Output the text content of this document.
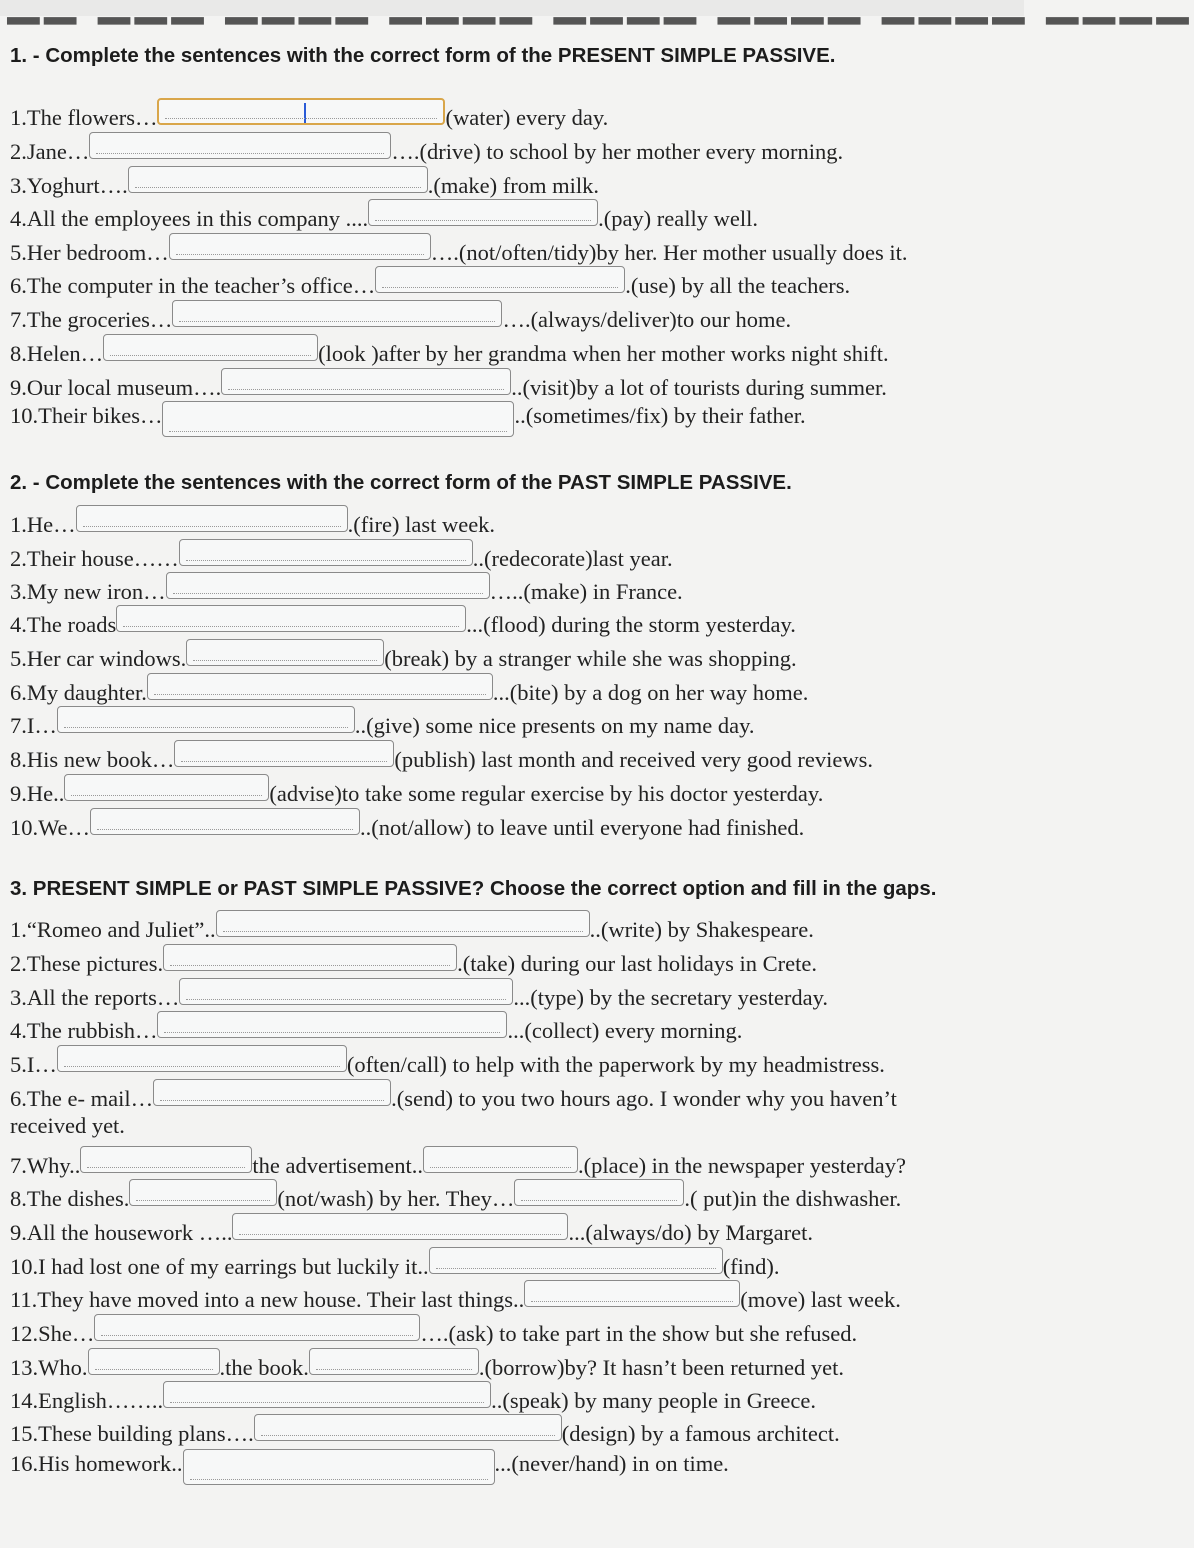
▁▁ ▁▁▁ ▁▁▁▁ ▁▁▁▁ ▁▁▁▁ ▁▁▁▁ ▁▁▁▁ ▁▁▁▁
1. - Complete the sentences with the correct form of the PRESENT SIMPLE PASSIVE.

1.The flowers…	(water) every day.

2.Jane…	….(drive) to school by her mother every morning.

3.Yoghurt….	.(make) from milk.

4.All the employees in this company ....	.(pay) really well.

5.Her bedroom…	….(not/often/tidy)by her. Her mother usually does it.

6.The computer in the teacher’s office…	.(use) by all the teachers.

7.The groceries…	….(always/deliver)to our home.

8.Helen…	(look )after by her grandma when her mother works night shift.

9.Our local museum….	..(visit)by a lot of tourists during summer.

10.Their bikes…	..(sometimes/fix) by their father.

2. - Complete the sentences with the correct form of the PAST SIMPLE PASSIVE.

1.He…	.(fire) last week.

2.Their house……	..(redecorate)last year.

3.My new iron…	…..(make) in France.

4.The roads	...(flood) during the storm yesterday.

5.Her car windows.	(break) by a stranger while she was shopping.

6.My daughter.	...(bite) by a dog on her way home.

7.I…	..(give) some nice presents on my name day.

8.His new book…	(publish) last month and received very good reviews.

9.He..	(advise)to take some regular exercise by his doctor yesterday.

10.We…	..(not/allow) to leave until everyone had finished.

3. PRESENT SIMPLE or PAST SIMPLE PASSIVE? Choose the correct option and fill in the gaps.

1.“Romeo and Juliet”..	..(write) by Shakespeare.

2.These pictures.	.(take) during our last holidays in Crete.

3.All the reports…	...(type) by the secretary yesterday.

4.The rubbish…	...(collect) every morning.

5.I…	(often/call) to help with the paperwork by my headmistress.

6.The e- mail…	.(send) to you two hours ago. I wonder why you haven’t

received yet.

7.Why..	the advertisement..	.(place) in the newspaper yesterday?

8.The dishes.	(not/wash) by her. They…	.( put)in the dishwasher.

9.All the housework …..	...(always/do) by Margaret.

10.I had lost one of my earrings but luckily it..	(find).

11.They have moved into a new house. Their last things..	(move) last week.

12.She…	….(ask) to take part in the show but she refused.

13.Who.	.the book.	.(borrow)by? It hasn’t been returned yet.

14.English……..	..(speak) by many people in Greece.

15.These building plans….	(design) by a famous architect.

16.His homework..	...(never/hand) in on time.
